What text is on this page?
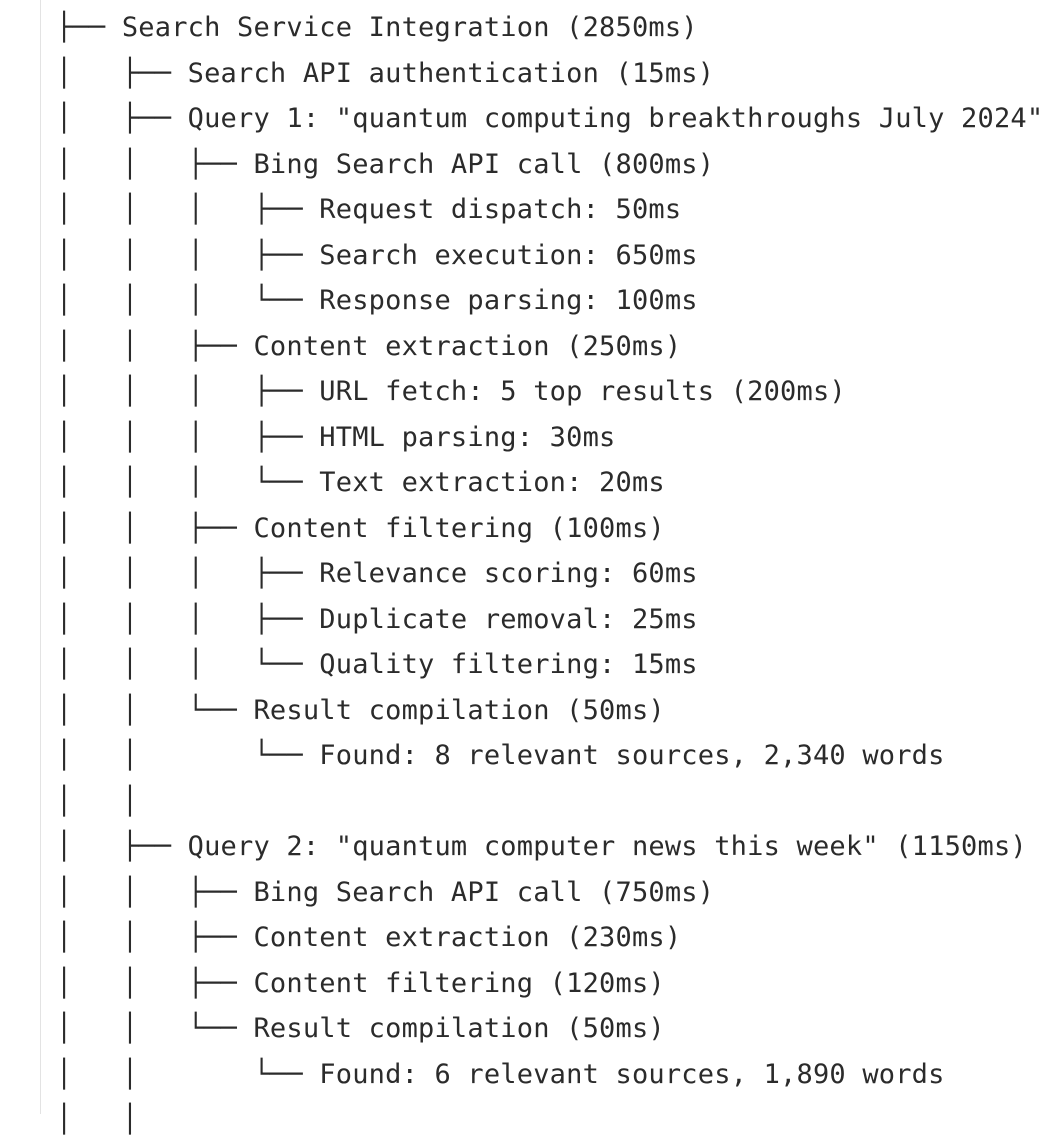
├── Search Service Integration (2850ms)
│   ├── Search API authentication (15ms)
│   ├── Query 1: "quantum computing breakthroughs July 2024"
│   │   ├── Bing Search API call (800ms)
│   │   │   ├── Request dispatch: 50ms
│   │   │   ├── Search execution: 650ms
│   │   │   └── Response parsing: 100ms
│   │   ├── Content extraction (250ms)
│   │   │   ├── URL fetch: 5 top results (200ms)
│   │   │   ├── HTML parsing: 30ms
│   │   │   └── Text extraction: 20ms
│   │   ├── Content filtering (100ms)
│   │   │   ├── Relevance scoring: 60ms
│   │   │   ├── Duplicate removal: 25ms
│   │   │   └── Quality filtering: 15ms
│   │   └── Result compilation (50ms)
│   │       └── Found: 8 relevant sources, 2,340 words
│   │
│   ├── Query 2: "quantum computer news this week" (1150ms)
│   │   ├── Bing Search API call (750ms)
│   │   ├── Content extraction (230ms)
│   │   ├── Content filtering (120ms)
│   │   └── Result compilation (50ms)
│   │       └── Found: 6 relevant sources, 1,890 words
│   │
